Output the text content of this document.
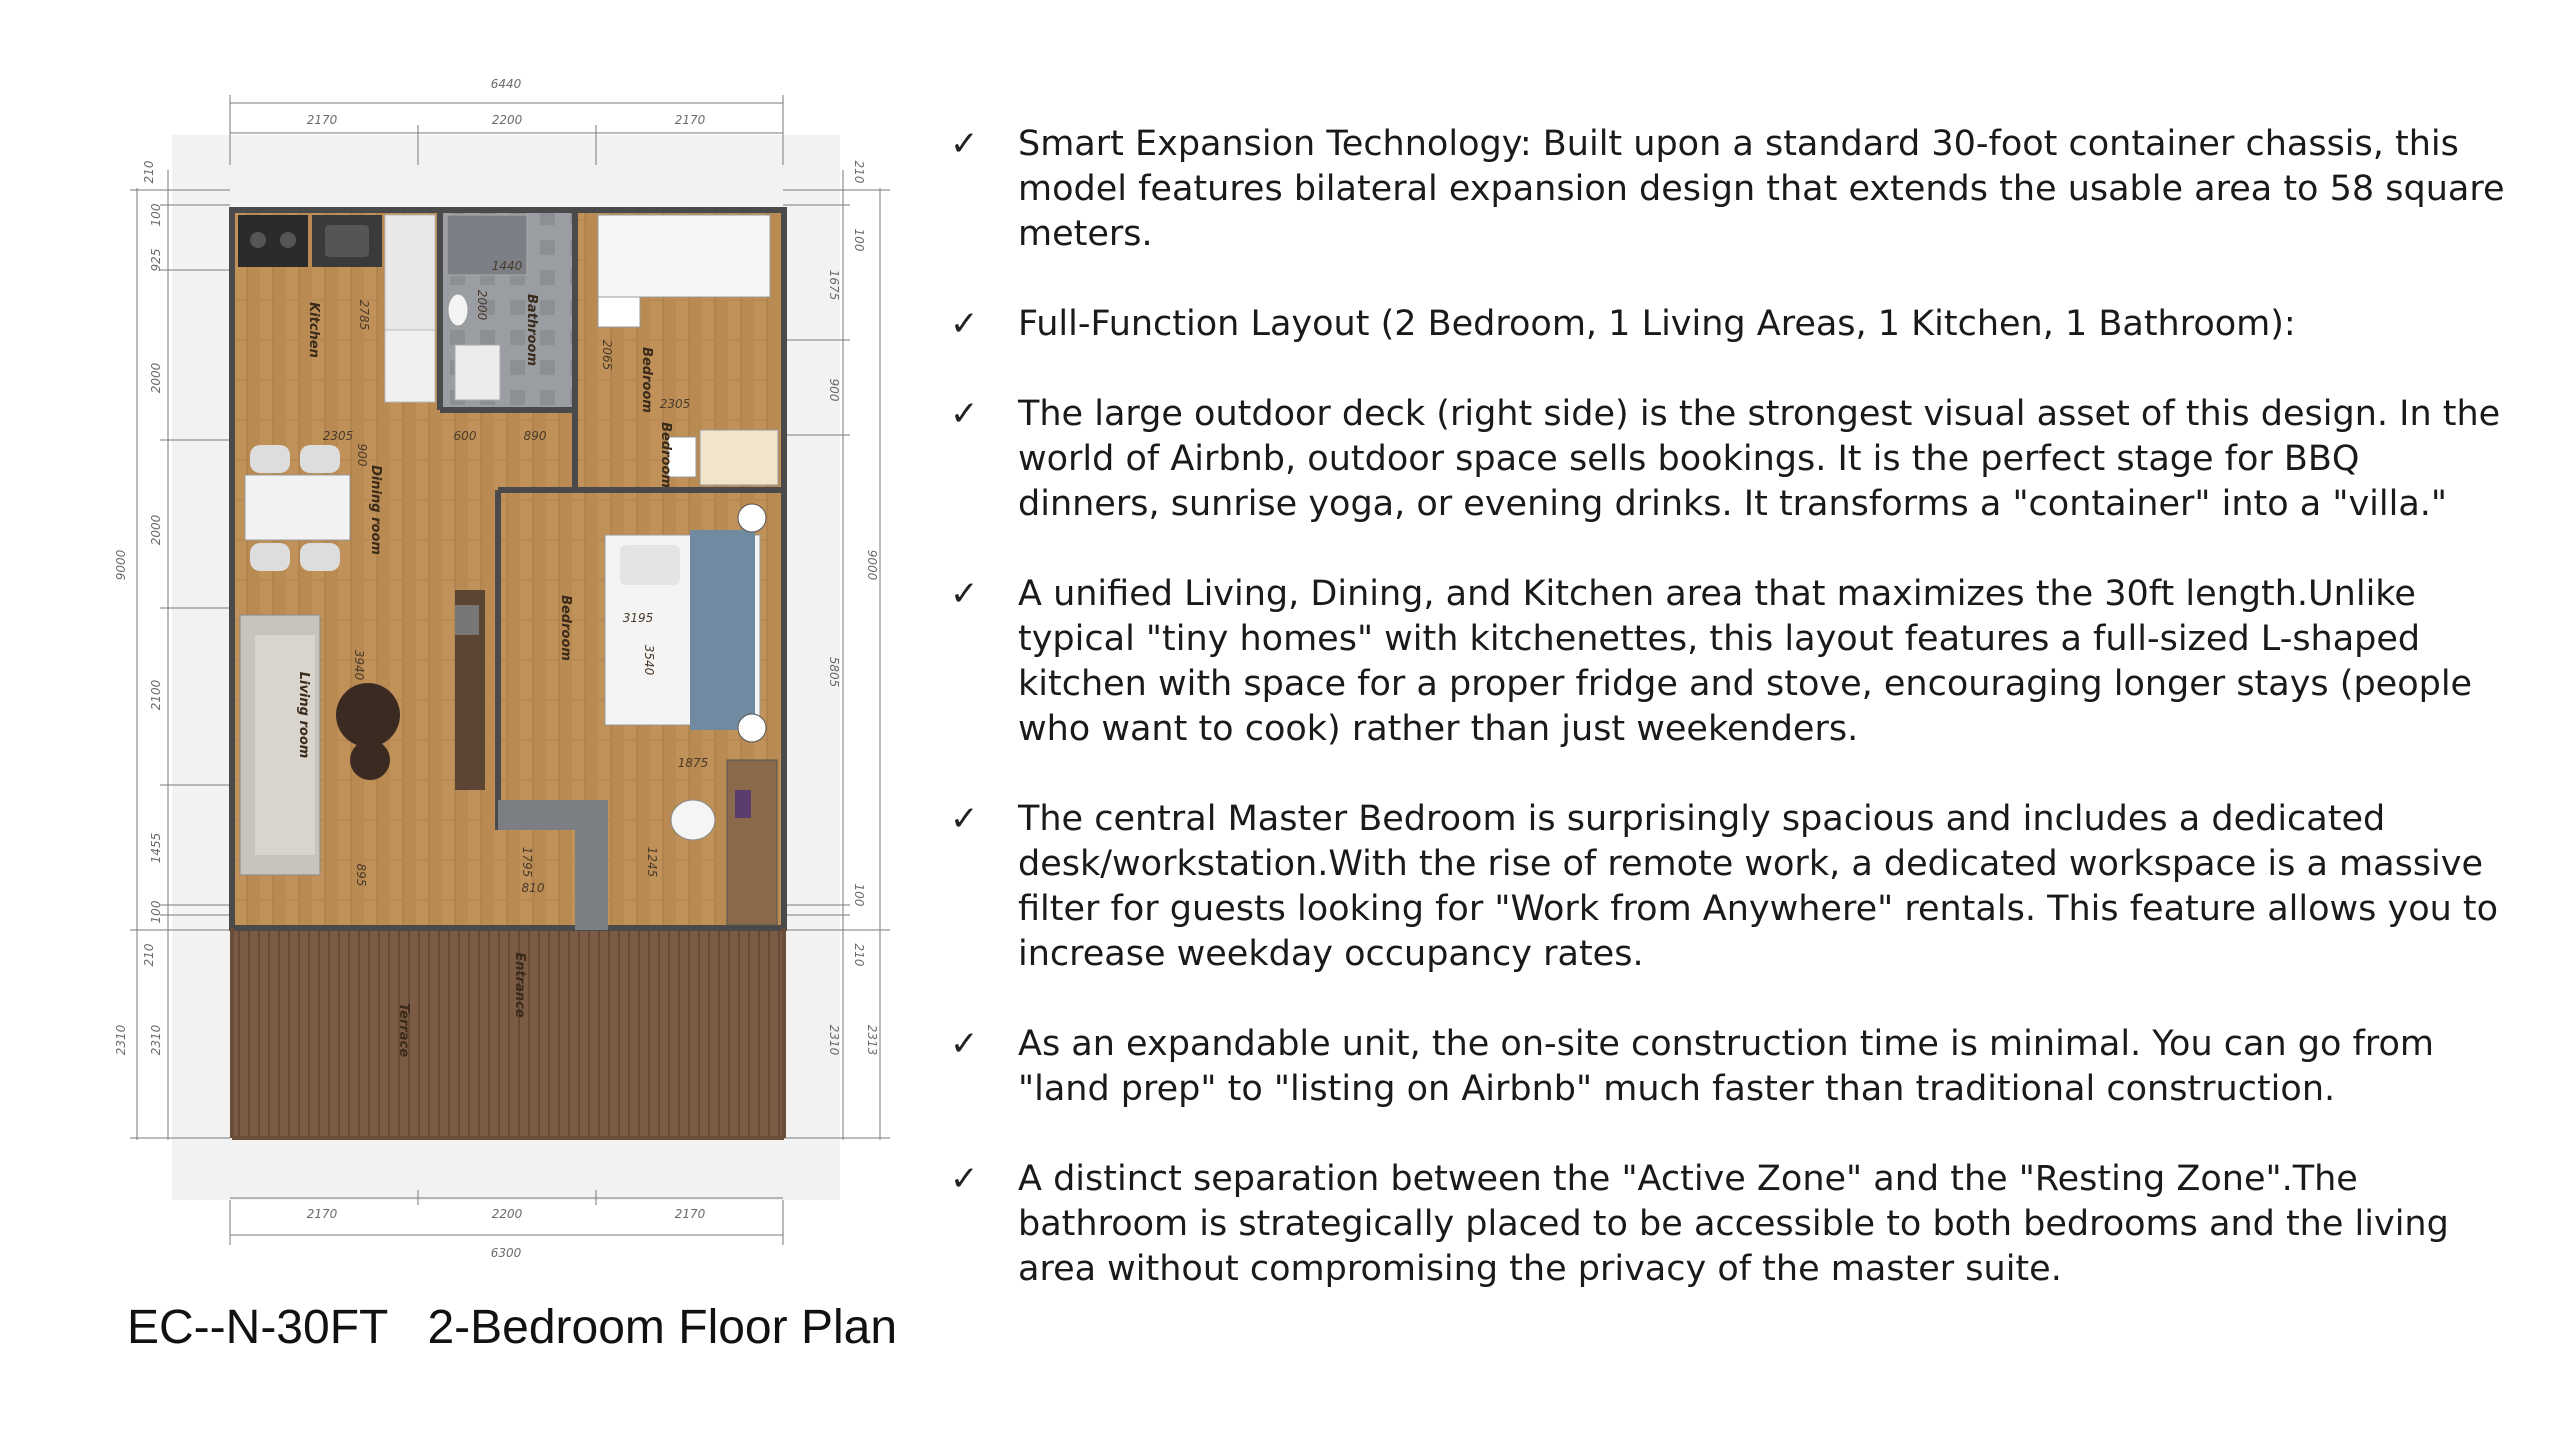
6440
2170	2200	2170
2170	2200	2170
6300
9000
2310
210
100
925
2000
2000
2100
1455
100
210
2310
9000
2313
210
100
1675
900
5805
100
210
2310
Kitchen	Bathroom
Bedroom
Bedroom
Dining room
Bedroom
Living room
Entrance
Terrace
2785
1440
2000
2065
2305
2305	600	890
900
3195
3540
3940
1875
1795
810
1245
895
EC--N-30FT   2-Bedroom Floor Plan
✓ Smart Expansion Technology: Built upon a standard 30-foot container chassis, this model features bilateral expansion design that extends the usable area to 58 square meters.
✓ Full-Function Layout (2 Bedroom, 1 Living Areas, 1 Kitchen, 1 Bathroom):
✓ The large outdoor deck (right side) is the strongest visual asset of this design. In the world of Airbnb, outdoor space sells bookings. It is the perfect stage for BBQ dinners, sunrise yoga, or evening drinks. It transforms a "container" into a "villa."
✓ A unified Living, Dining, and Kitchen area that maximizes the 30ft length.Unlike typical "tiny homes" with kitchenettes, this layout features a full-sized L-shaped kitchen with space for a proper fridge and stove, encouraging longer stays (people who want to cook) rather than just weekenders.
✓ The central Master Bedroom is surprisingly spacious and includes a dedicated desk/workstation.With the rise of remote work, a dedicated workspace is a massive filter for guests looking for "Work from Anywhere" rentals. This feature allows you to increase weekday occupancy rates.
✓ As an expandable unit, the on-site construction time is minimal. You can go from "land prep" to "listing on Airbnb" much faster than traditional construction.
✓ A distinct separation between the "Active Zone" and the "Resting Zone".The bathroom is strategically placed to be accessible to both bedrooms and the living area without compromising the privacy of the master suite.
